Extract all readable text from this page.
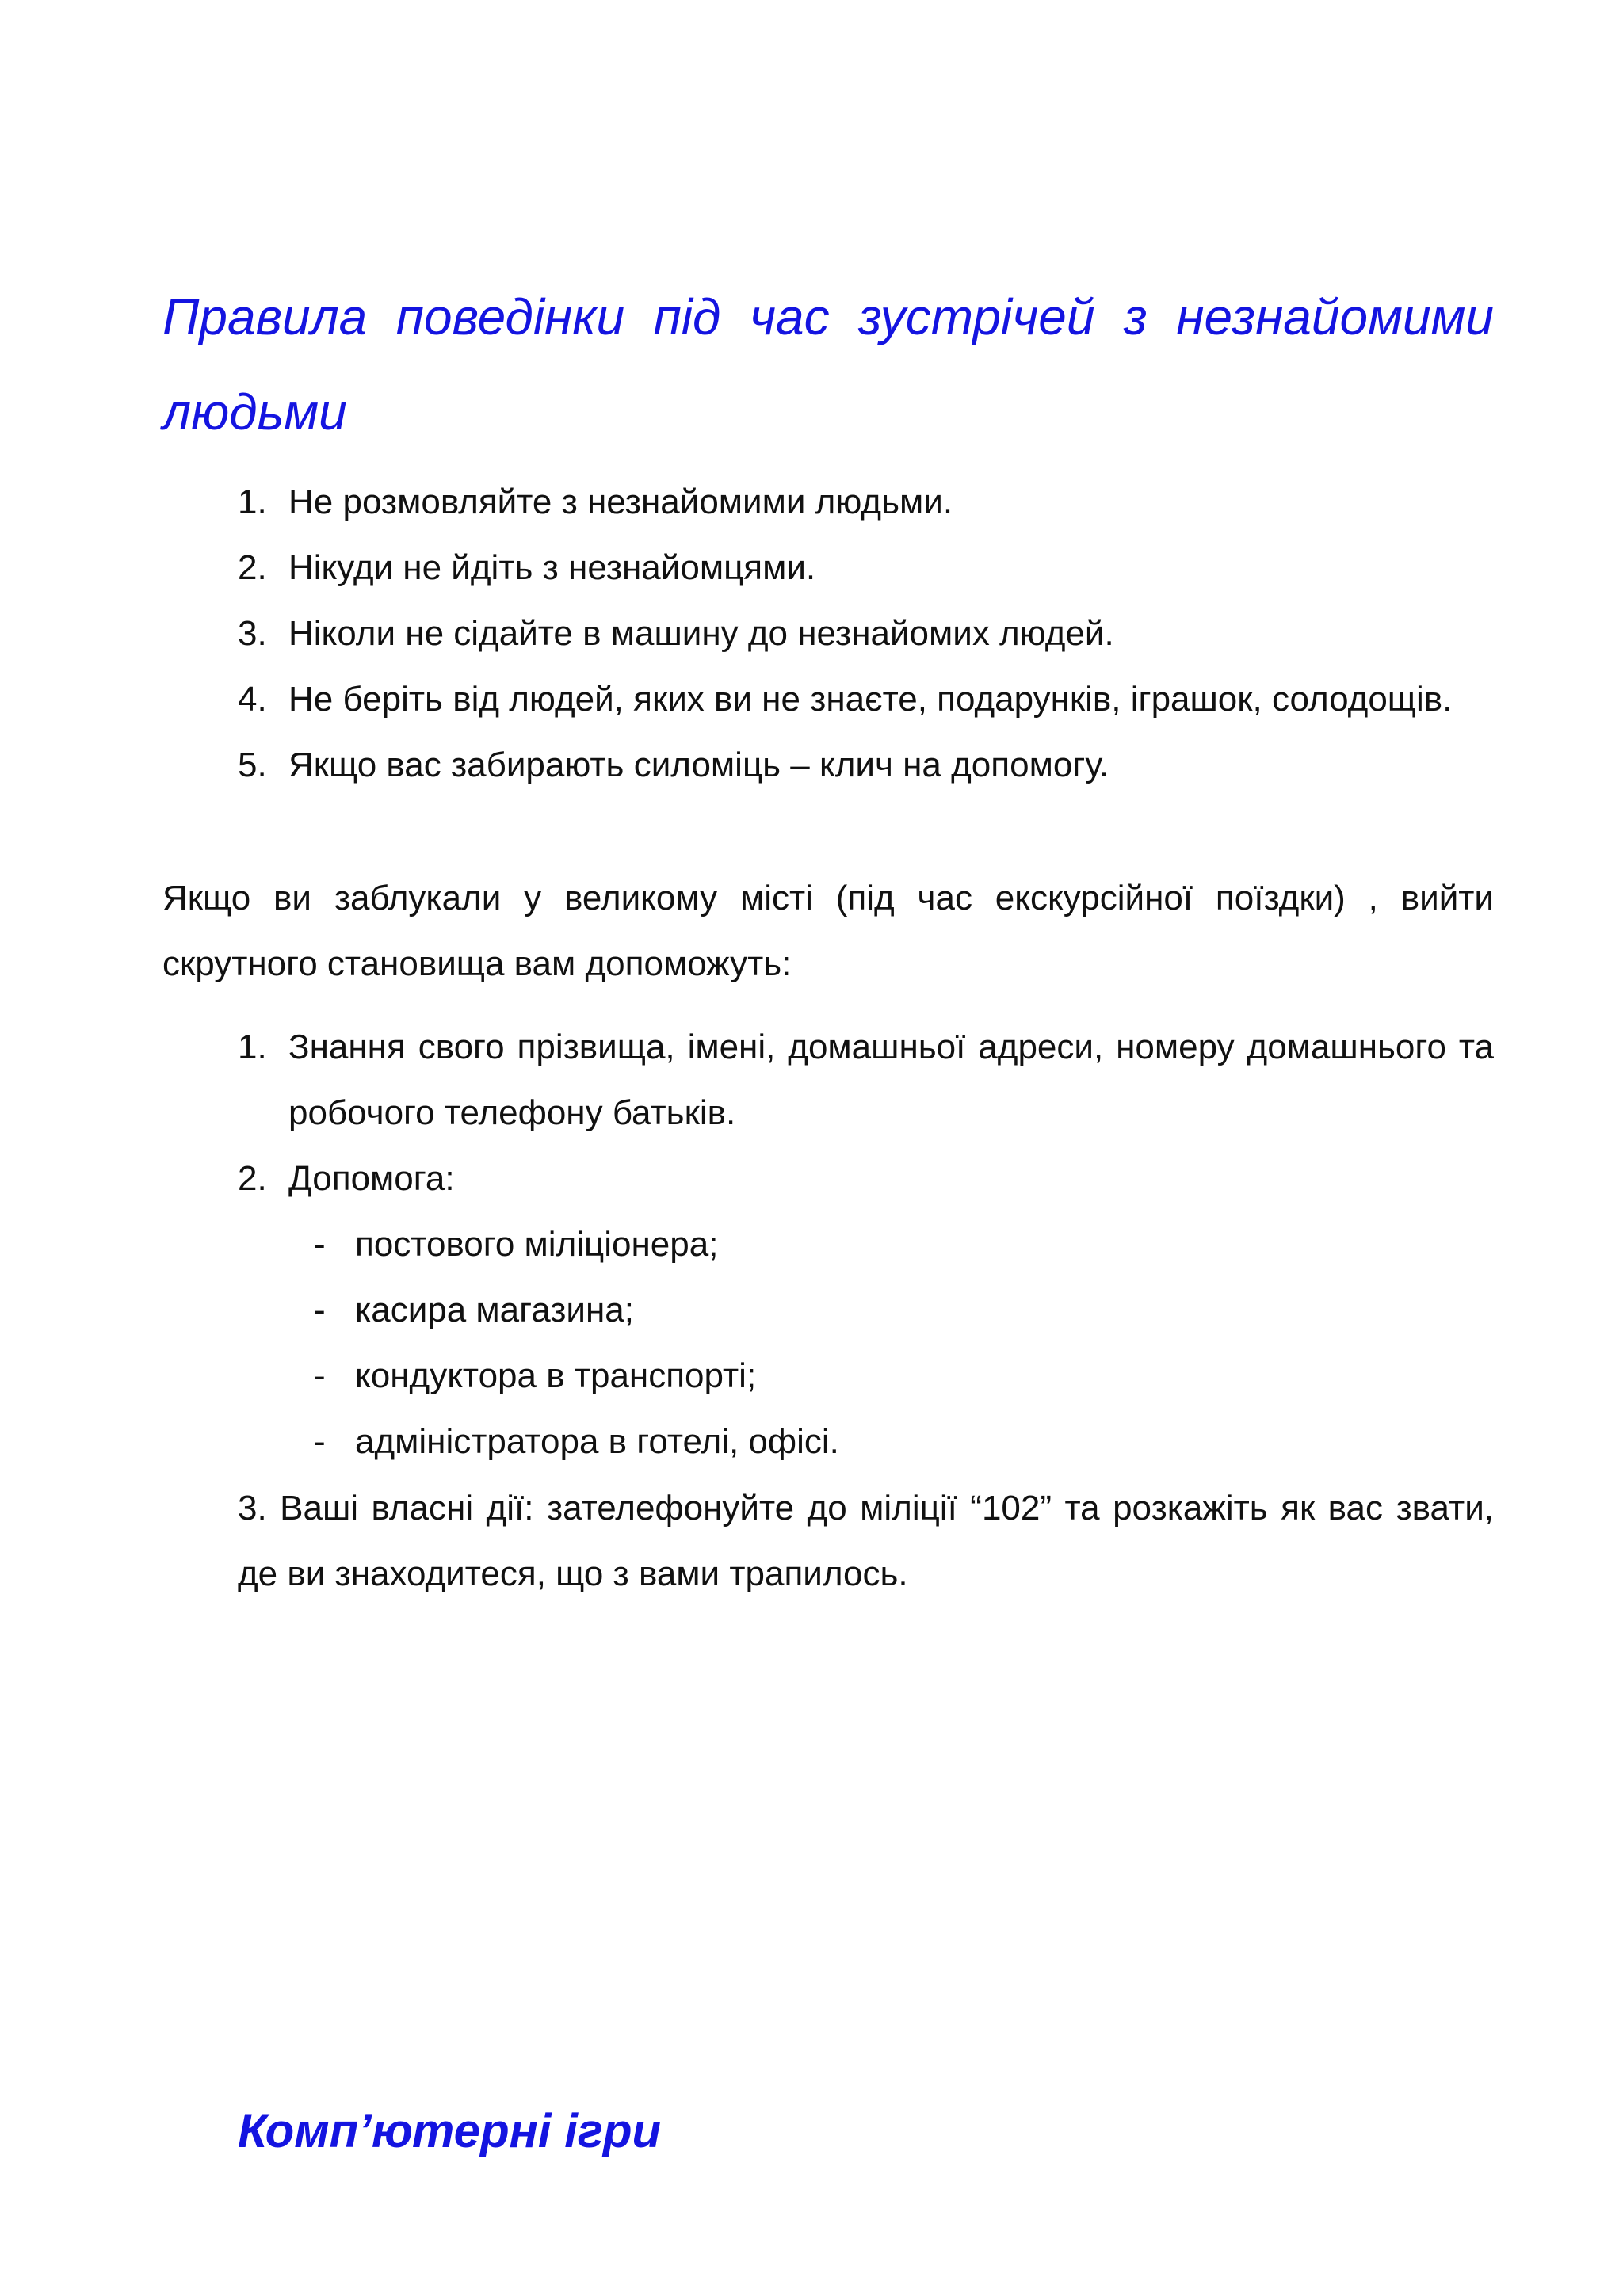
Правила поведінки під час зустрічей з незнайомими людьми
1. Не розмовляйте з незнайомими людьми.
2. Нікуди не йдіть з незнайомцями.
3. Ніколи не сідайте в машину до незнайомих людей.
4. Не беріть від людей, яких ви не знаєте, подарунків, іграшок, солодощів.
5. Якщо вас забирають силоміць – клич на допомогу.

Якщо ви заблукали у великому місті (під час екскурсійної поїздки) , вийти скрутного становища вам допоможуть:

1. Знання свого прізвища, імені, домашньої адреси, номеру домашнього та робочого телефону батьків.
2. Допомога:
- постового міліціонера;
- касира магазина;
- кондуктора в транспорті;
- адміністратора в готелі, офісі.

3. Ваші власні дії: зателефонуйте до міліції “102” та розкажіть як вас звати, де ви знаходитеся, що з вами трапилось.

Комп’ютерні ігри
